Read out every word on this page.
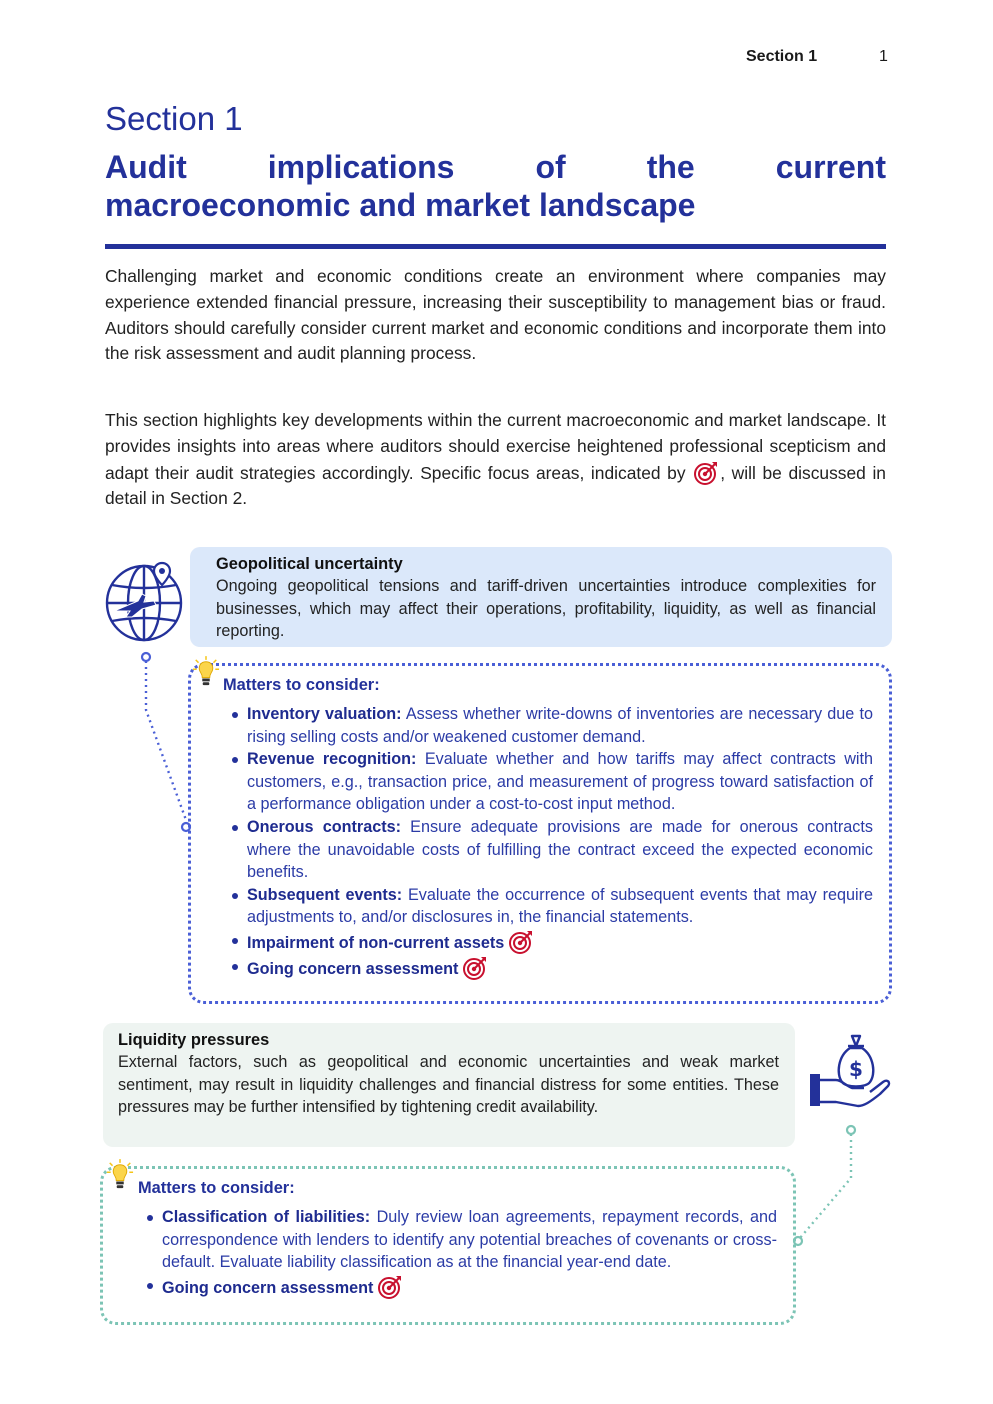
Section 1	1
Section 1
Audit implications of the current
macroeconomic and market landscape
Challenging market and economic conditions create an environment where companies may experience extended financial pressure, increasing their susceptibility to management bias or fraud. Auditors should carefully consider current market and economic conditions and incorporate them into the risk assessment and audit planning process.
This section highlights key developments within the current macroeconomic and market landscape. It provides insights into areas where auditors should exercise heightened professional scepticism and adapt their audit strategies accordingly. Specific focus areas, indicated by , will be discussed in detail in Section 2.
Geopolitical uncertainty
Ongoing geopolitical tensions and tariff-driven uncertainties introduce complexities for businesses, which may affect their operations, profitability, liquidity, as well as financial reporting.
Matters to consider:
Inventory valuation: Assess whether write-downs of inventories are necessary due to rising selling costs and/or weakened customer demand.
Revenue recognition: Evaluate whether and how tariffs may affect contracts with customers, e.g., transaction price, and measurement of progress toward satisfaction of a performance obligation under a cost-to-cost input method.
Onerous contracts: Ensure adequate provisions are made for onerous contracts where the unavoidable costs of fulfilling the contract exceed the expected economic benefits.
Subsequent events: Evaluate the occurrence of subsequent events that may require adjustments to, and/or disclosures in, the financial statements.
Impairment of non-current assets
Going concern assessment
Liquidity pressures
External factors, such as geopolitical and economic uncertainties and weak market sentiment, may result in liquidity challenges and financial distress for some entities. These pressures may be further intensified by tightening credit availability.
$
Matters to consider:
Classification of liabilities: Duly review loan agreements, repayment records, and correspondence with lenders to identify any potential breaches of covenants or cross-default. Evaluate liability classification as at the financial year-end date.
Going concern assessment
